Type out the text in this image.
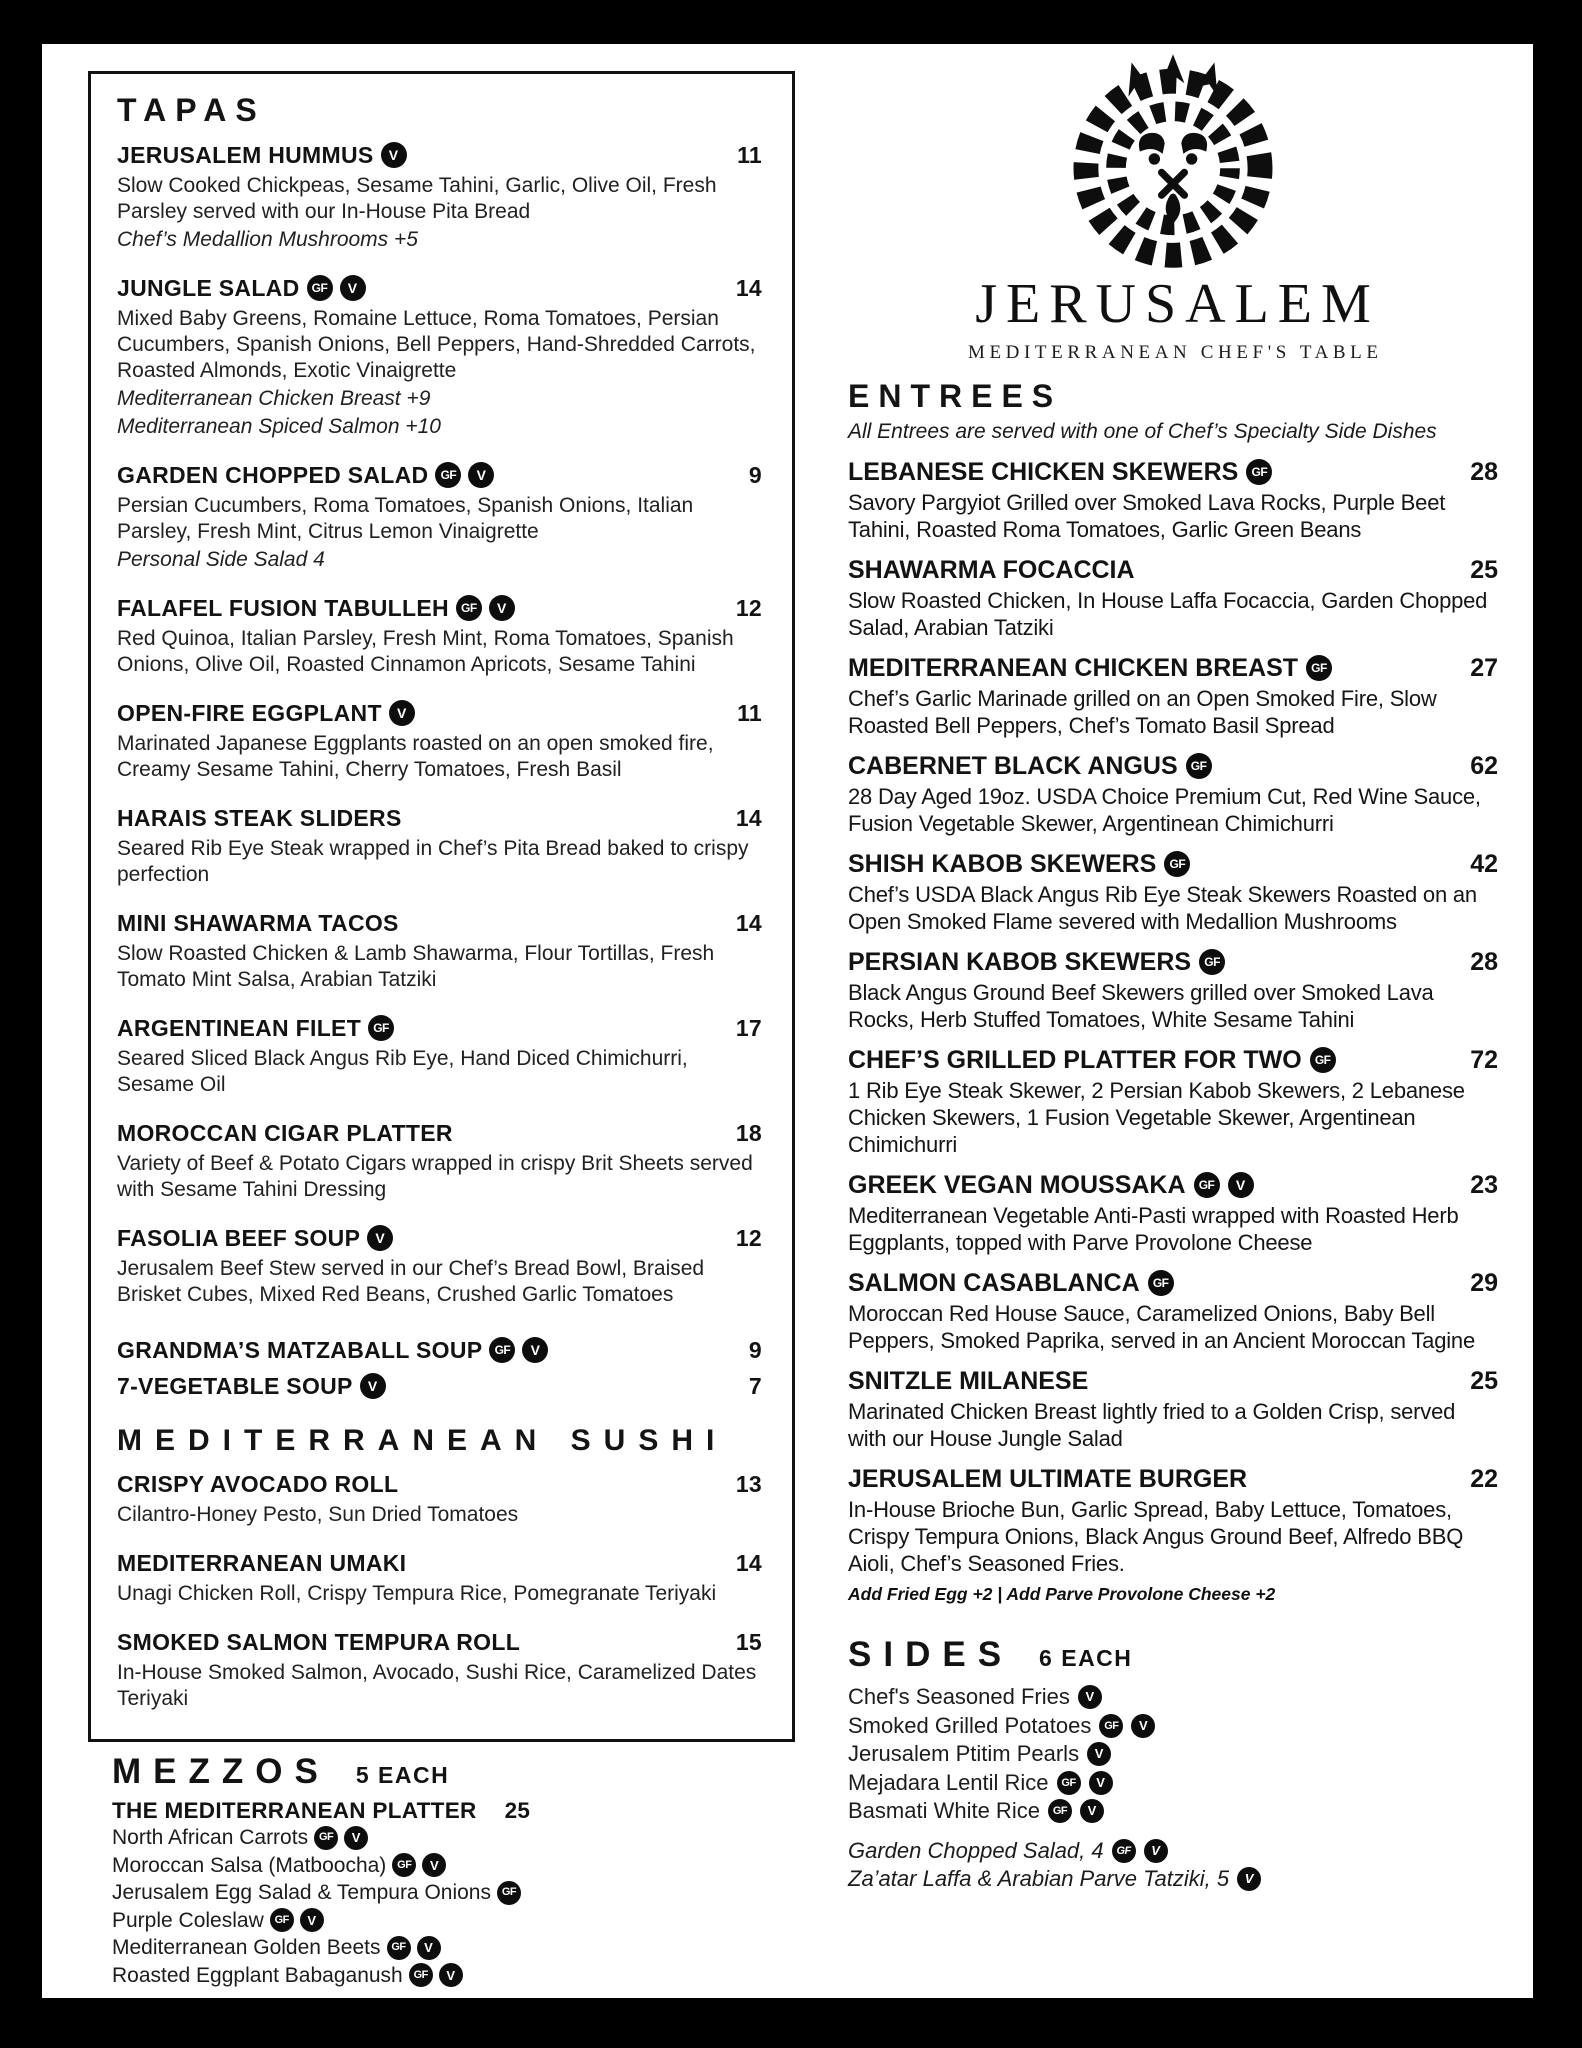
TAPAS
JERUSALEM HUMMUS	V	11
Slow Cooked Chickpeas, Sesame Tahini, Garlic, Olive Oil, Fresh Parsley served with our In-House Pita Bread
Chef’s Medallion Mushrooms +5
JUNGLE SALAD	GF	V	14
Mixed Baby Greens, Romaine Lettuce, Roma Tomatoes, Persian Cucumbers, Spanish Onions, Bell Peppers, Hand-Shredded Carrots, Roasted Almonds, Exotic Vinaigrette
Mediterranean Chicken Breast +9
Mediterranean Spiced Salmon +10
GARDEN CHOPPED SALAD	GF	V	9
Persian Cucumbers, Roma Tomatoes, Spanish Onions, Italian Parsley, Fresh Mint, Citrus Lemon Vinaigrette
Personal Side Salad 4
FALAFEL FUSION TABULLEH	GF	V	12
Red Quinoa, Italian Parsley, Fresh Mint, Roma Tomatoes, Spanish Onions, Olive Oil, Roasted Cinnamon Apricots, Sesame Tahini
OPEN-FIRE EGGPLANT	V	11
Marinated Japanese Eggplants roasted on an open smoked fire, Creamy Sesame Tahini, Cherry Tomatoes, Fresh Basil
HARAIS STEAK SLIDERS	14
Seared Rib Eye Steak wrapped in Chef’s Pita Bread baked to crispy perfection
MINI SHAWARMA TACOS	14
Slow Roasted Chicken & Lamb Shawarma, Flour Tortillas, Fresh Tomato Mint Salsa, Arabian Tatziki
ARGENTINEAN FILET	GF	17
Seared Sliced Black Angus Rib Eye, Hand Diced Chimichurri, Sesame Oil
MOROCCAN CIGAR PLATTER	18
Variety of Beef & Potato Cigars wrapped in crispy Brit Sheets served with Sesame Tahini Dressing
FASOLIA BEEF SOUP	V	12
Jerusalem Beef Stew served in our Chef’s Bread Bowl, Braised Brisket Cubes, Mixed Red Beans, Crushed Garlic Tomatoes
GRANDMA’S MATZABALL SOUP	GF	V	9
7-VEGETABLE SOUP	V	7
MEDITERRANEAN SUSHI
CRISPY AVOCADO ROLL	13
Cilantro-Honey Pesto, Sun Dried Tomatoes
MEDITERRANEAN UMAKI	14
Unagi Chicken Roll, Crispy Tempura Rice, Pomegranate Teriyaki
SMOKED SALMON TEMPURA ROLL	15
In-House Smoked Salmon, Avocado, Sushi Rice, Caramelized Dates Teriyaki
MEZZOS 5 EACH
THE MEDITERRANEAN PLATTER 25
North African Carrots GF	V
Moroccan Salsa (Matboocha) GF	V
Jerusalem Egg Salad & Tempura Onions GF
Purple Coleslaw GF	V
Mediterranean Golden Beets GF	V
Roasted Eggplant Babaganush GF	V
JERUSALEM
MEDITERRANEAN CHEF'S TABLE
ENTREES
All Entrees are served with one of Chef’s Specialty Side Dishes
LEBANESE CHICKEN SKEWERS	GF	28
Savory Pargyiot Grilled over Smoked Lava Rocks, Purple Beet Tahini, Roasted Roma Tomatoes, Garlic Green Beans
SHAWARMA FOCACCIA	25
Slow Roasted Chicken, In House Laffa Focaccia, Garden Chopped Salad, Arabian Tatziki
MEDITERRANEAN CHICKEN BREAST	GF	27
Chef’s Garlic Marinade grilled on an Open Smoked Fire, Slow Roasted Bell Peppers, Chef’s Tomato Basil Spread
CABERNET BLACK ANGUS	GF	62
28 Day Aged 19oz. USDA Choice Premium Cut, Red Wine Sauce, Fusion Vegetable Skewer, Argentinean Chimichurri
SHISH KABOB SKEWERS	GF	42
Chef’s USDA Black Angus Rib Eye Steak Skewers Roasted on an Open Smoked Flame severed with Medallion Mushrooms
PERSIAN KABOB SKEWERS	GF	28
Black Angus Ground Beef Skewers grilled over Smoked Lava Rocks, Herb Stuffed Tomatoes, White Sesame Tahini
CHEF’S GRILLED PLATTER FOR TWO	GF	72
1 Rib Eye Steak Skewer, 2 Persian Kabob Skewers, 2 Lebanese Chicken Skewers, 1 Fusion Vegetable Skewer, Argentinean Chimichurri
GREEK VEGAN MOUSSAKA	GF	V	23
Mediterranean Vegetable Anti-Pasti wrapped with Roasted Herb Eggplants, topped with Parve Provolone Cheese
SALMON CASABLANCA	GF	29
Moroccan Red House Sauce, Caramelized Onions, Baby Bell Peppers, Smoked Paprika, served in an Ancient Moroccan Tagine
SNITZLE MILANESE	25
Marinated Chicken Breast lightly fried to a Golden Crisp, served with our House Jungle Salad
JERUSALEM ULTIMATE BURGER	22
In-House Brioche Bun, Garlic Spread, Baby Lettuce, Tomatoes, Crispy Tempura Onions, Black Angus Ground Beef, Alfredo BBQ Aioli, Chef’s Seasoned Fries.
Add Fried Egg +2 | Add Parve Provolone Cheese +2
SIDES 6 EACH
Chef's Seasoned Fries	V
Smoked Grilled Potatoes	GF	V
Jerusalem Ptitim Pearls	V
Mejadara Lentil Rice	GF	V
Basmati White Rice	GF	V
Garden Chopped Salad, 4	GF	V
Za’atar Laffa & Arabian Parve Tatziki, 5	V
